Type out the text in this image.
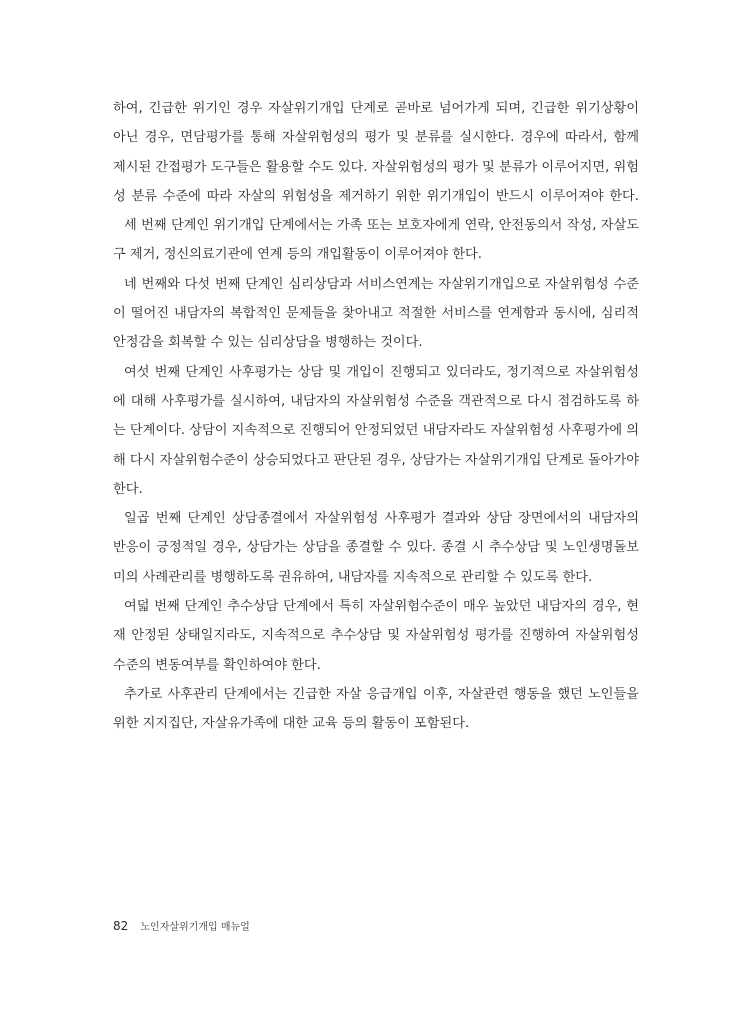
하여, 긴급한 위기인 경우 자살위기개입 단계로 곧바로 넘어가게 되며, 긴급한 위기상황이
아닌 경우, 면담평가를 통해 자살위험성의 평가 및 분류를 실시한다. 경우에 따라서, 함께
제시된 간접평가 도구들은 활용할 수도 있다. 자살위험성의 평가 및 분류가 이루어지면, 위험
성 분류 수준에 따라 자살의 위험성을 제거하기 위한 위기개입이 반드시 이루어져야 한다.
세 번째 단계인 위기개입 단계에서는 가족 또는 보호자에게 연락, 안전동의서 작성, 자살도
구 제거, 정신의료기관에 연계 등의 개입활동이 이루어져야 한다.
네 번째와 다섯 번째 단계인 심리상담과 서비스연계는 자살위기개입으로 자살위험성 수준
이 떨어진 내담자의 복합적인 문제들을 찾아내고 적절한 서비스를 연계함과 동시에, 심리적
안정감을 회복할 수 있는 심리상담을 병행하는 것이다.
여섯 번째 단계인 사후평가는 상담 및 개입이 진행되고 있더라도, 정기적으로 자살위험성
에 대해 사후평가를 실시하여, 내담자의 자살위험성 수준을 객관적으로 다시 점검하도록 하
는 단계이다. 상담이 지속적으로 진행되어 안정되었던 내담자라도 자살위험성 사후평가에 의
해 다시 자살위험수준이 상승되었다고 판단된 경우, 상담가는 자살위기개입 단계로 돌아가야
한다.
일곱 번째 단계인 상담종결에서 자살위험성 사후평가 결과와 상담 장면에서의 내담자의
반응이 긍정적일 경우, 상담가는 상담을 종결할 수 있다. 종결 시 추수상담 및 노인생명돌보
미의 사례관리를 병행하도록 권유하여, 내담자를 지속적으로 관리할 수 있도록 한다.
여덟 번째 단계인 추수상담 단계에서 특히 자살위험수준이 매우 높았던 내담자의 경우, 현
재 안정된 상태일지라도, 지속적으로 추수상담 및 자살위험성 평가를 진행하여 자살위험성
수준의 변동여부를 확인하여야 한다.
추가로 사후관리 단계에서는 긴급한 자살 응급개입 이후, 자살관련 행동을 했던 노인들을
위한 지지집단, 자살유가족에 대한 교육 등의 활동이 포함된다.
82 노인자살위기개입 매뉴얼
